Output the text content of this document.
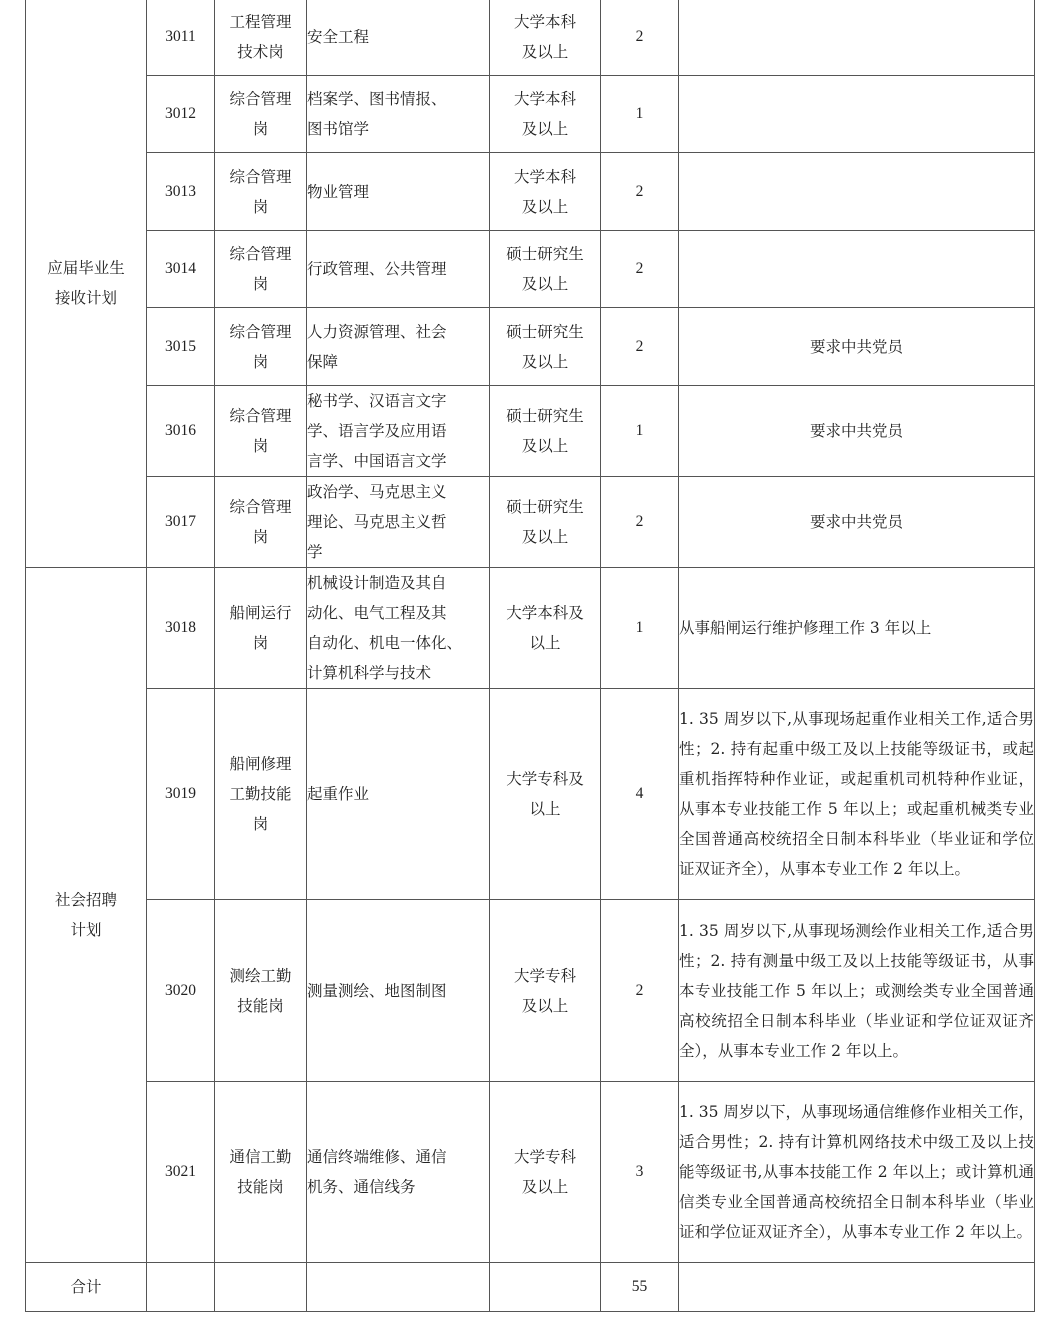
应届毕业生
接收计划	3011	工程管理
技术岗	安全工程	大学本科
及以上	2	

	3012	综合管理
岗	档案学、图书情报、
图书馆学	大学本科
及以上	1	

	3013	综合管理
岗	物业管理	大学本科
及以上	2	

	3014	综合管理
岗	行政管理、公共管理	硕士研究生
及以上	2	

	3015	综合管理
岗	人力资源管理、社会
保障	硕士研究生
及以上	2	要求中共党员

	3016	综合管理
岗	秘书学、汉语言文字
学、语言学及应用语
言学、中国语言文学	硕士研究生
及以上	1	要求中共党员

	3017	综合管理
岗	政治学、马克思主义
理论、马克思主义哲
学	硕士研究生
及以上	2	要求中共党员

社会招聘
计划	3018	船闸运行
岗	机械设计制造及其自
动化、电气工程及其
自动化、机电一体化、
计算机科学与技术	大学本科及
以上	1	从事船闸运行维护修理工作 3 年以上

	3019	船闸修理
工勤技能
岗	起重作业	大学专科及
以上	4	1. 35 周岁以下,从事现场起重作业相关工作,适合男性；2. 持有起重中级工及以上技能等级证书，或起重机指挥特种作业证，或起重机司机特种作业证，从事本专业技能工作 5 年以上；或起重机械类专业全国普通高校统招全日制本科毕业（毕业证和学位证双证齐全），从事本专业工作 2 年以上。

	3020	测绘工勤
技能岗	测量测绘、地图制图	大学专科
及以上	2	1. 35 周岁以下,从事现场测绘作业相关工作,适合男性；2. 持有测量中级工及以上技能等级证书，从事本专业技能工作 5 年以上；或测绘类专业全国普通高校统招全日制本科毕业（毕业证和学位证双证齐全），从事本专业工作 2 年以上。

	3021	通信工勤
技能岗	通信终端维修、通信
机务、通信线务	大学专科
及以上	3	1. 35 周岁以下，从事现场通信维修作业相关工作，适合男性；2. 持有计算机网络技术中级工及以上技能等级证书,从事本技能工作 2 年以上；或计算机通信类专业全国普通高校统招全日制本科毕业（毕业证和学位证双证齐全），从事本专业工作 2 年以上。

合计					55	
